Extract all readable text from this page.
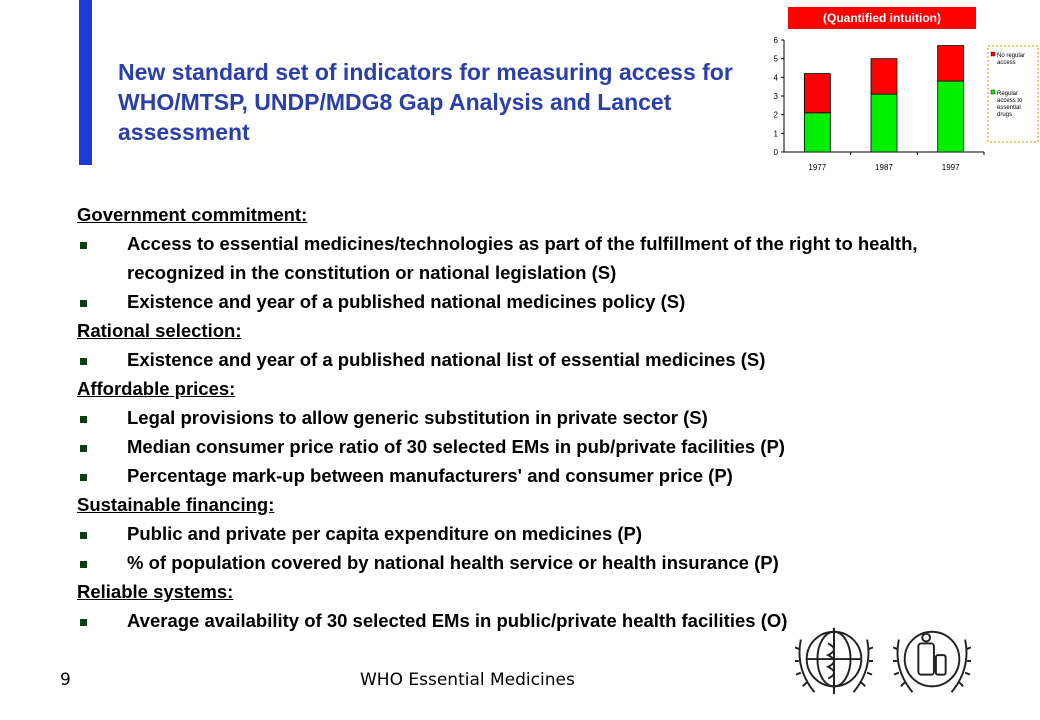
New standard set of indicators for measuring access for WHO/MTSP, UNDP/MDG8 Gap Analysis and Lancet assessment
(Quantified intuition)
0
1
2
3
4
5
6
1977	1987	1997
No regular access
Regular access to essential drugs
Government commitment:
Access to essential medicines/technologies as part of the fulfillment of the right to health, recognized in the constitution or national legislation (S)
Existence and year of a published national medicines policy (S)
Rational selection:
Existence and year of a published national list of essential medicines (S)
Affordable prices:
Legal provisions to allow generic substitution in private sector (S)
Median consumer price ratio of 30 selected EMs in pub/private facilities (P)
Percentage mark-up between manufacturers' and consumer price (P)
Sustainable financing:
Public and private per capita expenditure on medicines (P)
% of population covered by national health service or health insurance (P)
Reliable systems:
Average availability of 30 selected EMs in public/private health facilities (O)
9	WHO Essential Medicines
